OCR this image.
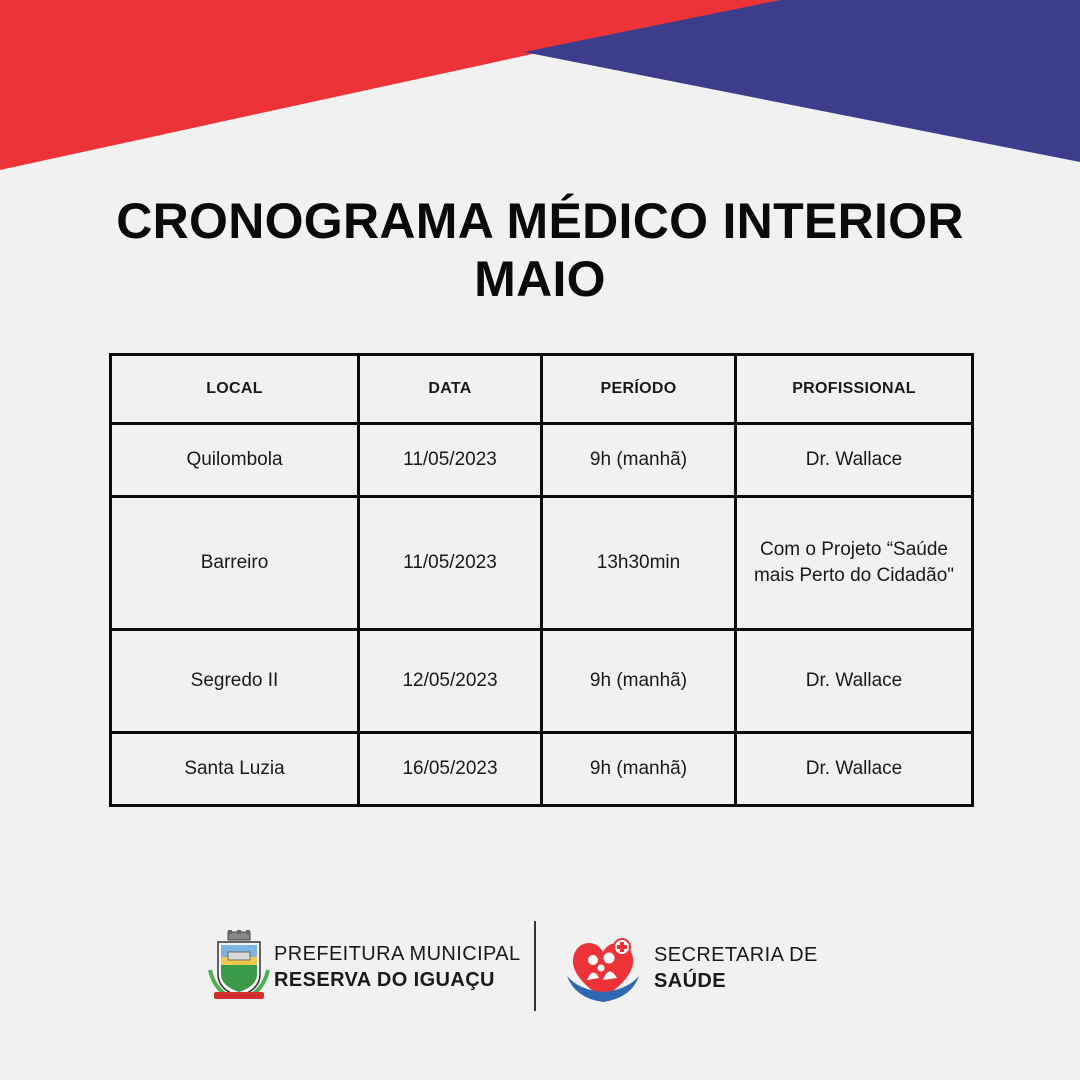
CRONOGRAMA MÉDICO INTERIOR
MAIO
LOCAL	DATA	PERÍODO	PROFISSIONAL
Quilombola	11/05/2023	9h (manhã)	Dr. Wallace
Barreiro	11/05/2023	13h30min	Com o Projeto “Saúde mais Perto do Cidadão"
Segredo II	12/05/2023	9h (manhã)	Dr. Wallace
Santa Luzia	16/05/2023	9h (manhã)	Dr. Wallace
PREFEITURA MUNICIPAL
RESERVA DO IGUAÇU
SECRETARIA DE
SAÚDE
